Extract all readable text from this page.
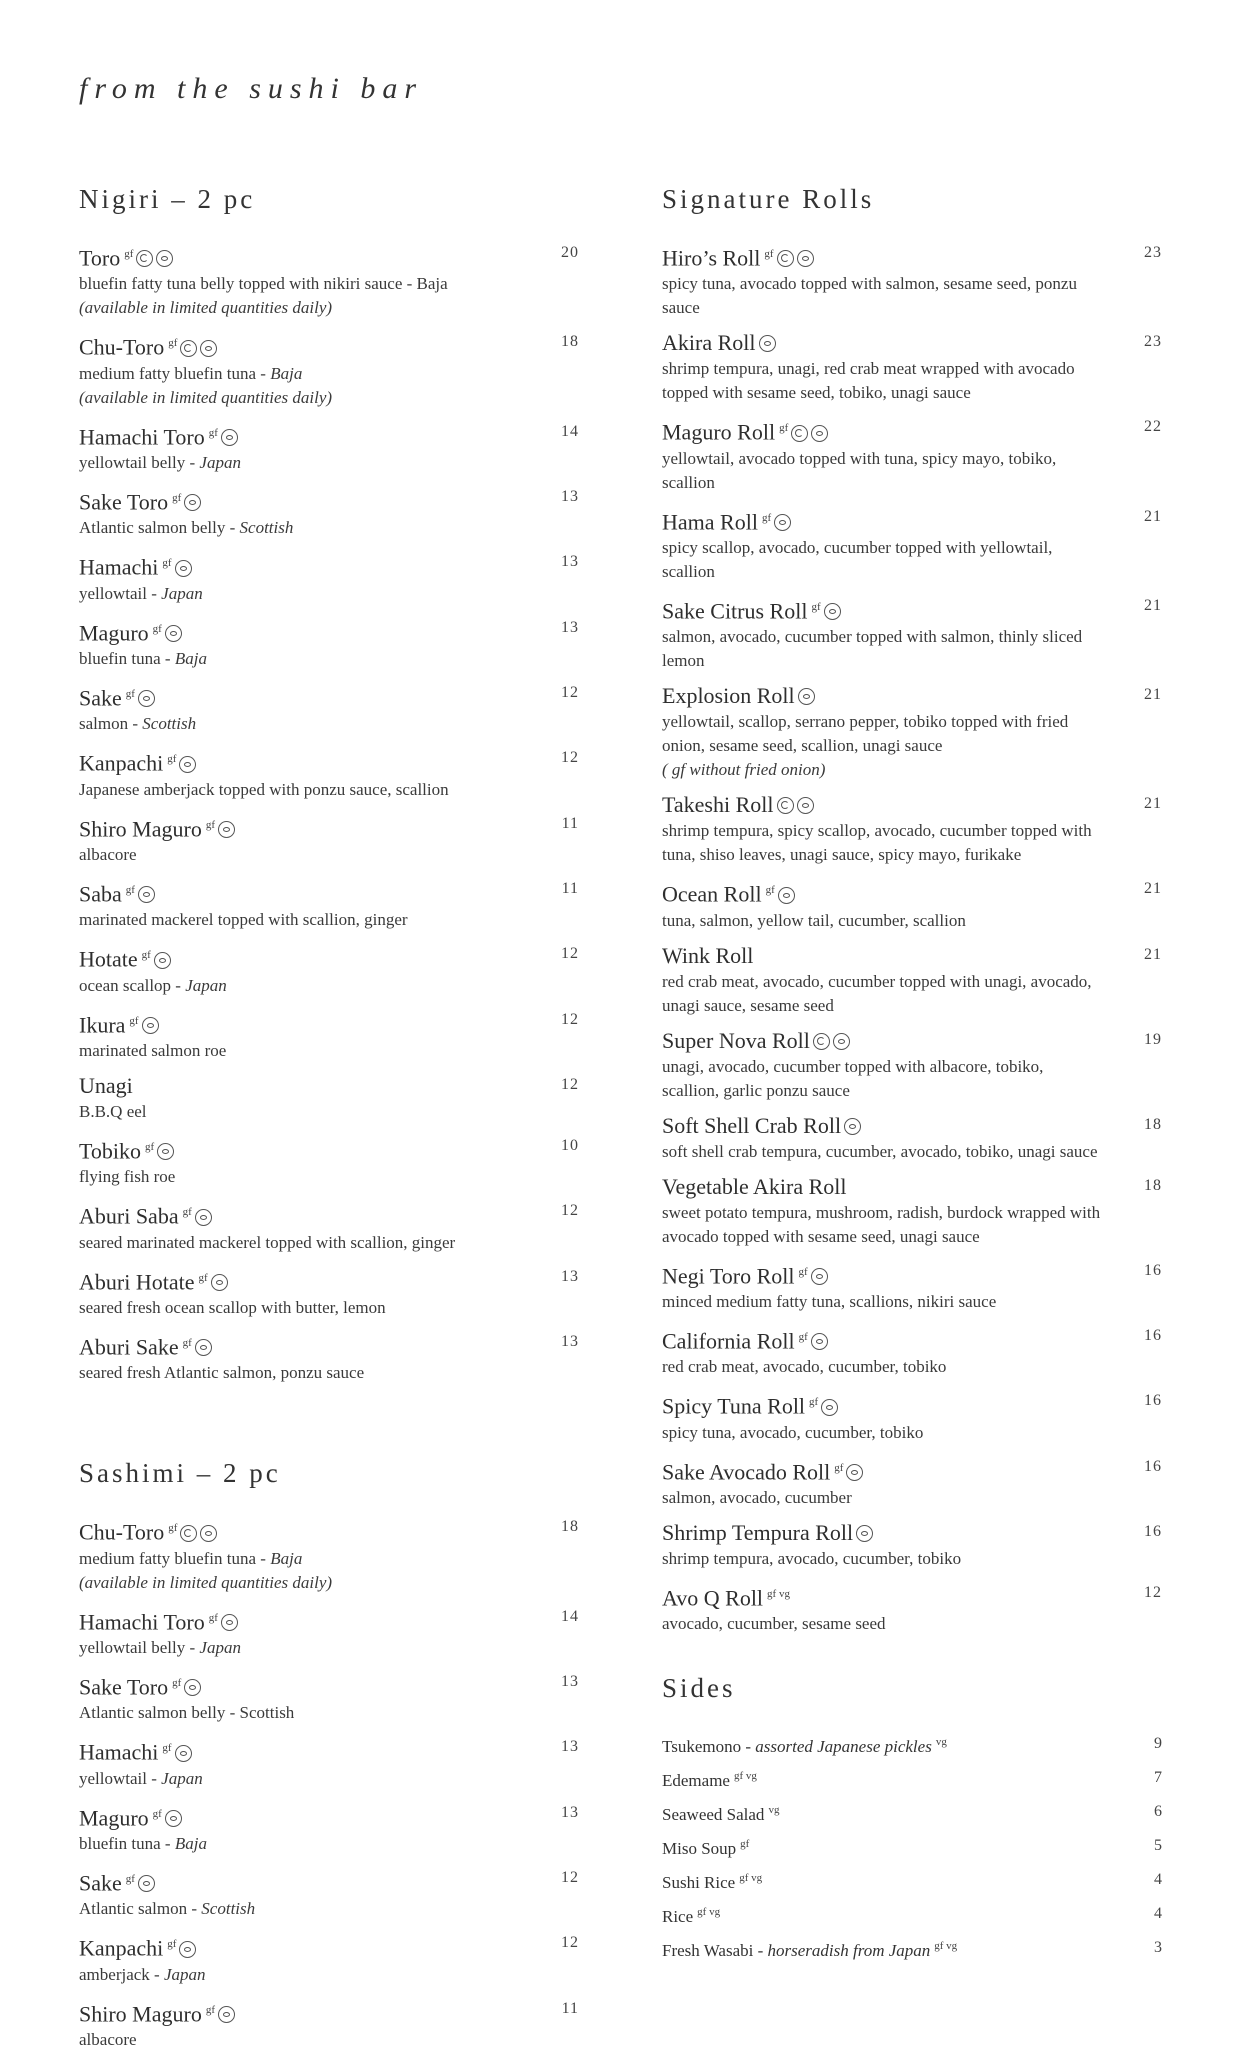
from the sushi bar
Nigiri – 2 pc
Toro $^{gf}$
bluefin fatty tuna belly topped with nikiri sauce - Baja
(available in limited quantities daily)
20
Chu-Toro $^{gf}$
medium fatty bluefin tuna - Baja
(available in limited quantities daily)
18
Hamachi Toro $^{gf}$
yellowtail belly - Japan
14
Sake Toro $^{gf}$
Atlantic salmon belly - Scottish
13
Hamachi $^{gf}$
yellowtail - Japan
13
Maguro $^{gf}$
bluefin tuna - Baja
13
Sake $^{gf}$
salmon - Scottish
12
Kanpachi $^{gf}$
Japanese amberjack topped with ponzu sauce, scallion
12
Shiro Maguro $^{gf}$
albacore
11
Saba $^{gf}$
marinated mackerel topped with scallion, ginger
11
Hotate $^{gf}$
ocean scallop - Japan
12
Ikura $^{gf}$
marinated salmon roe
12
Unagi
B.B.Q eel
12
Tobiko $^{gf}$
flying fish roe
10
Aburi Saba $^{gf}$
seared marinated mackerel topped with scallion, ginger
12
Aburi Hotate $^{gf}$
seared fresh ocean scallop with butter, lemon
13
Aburi Sake $^{gf}$
seared fresh Atlantic salmon, ponzu sauce
13
Sashimi – 2 pc
Chu-Toro $^{gf}$
medium fatty bluefin tuna - Baja
(available in limited quantities daily)
18
Hamachi Toro $^{gf}$
yellowtail belly - Japan
14
Sake Toro $^{gf}$
Atlantic salmon belly - Scottish
13
Hamachi $^{gf}$
yellowtail - Japan
13
Maguro $^{gf}$
bluefin tuna - Baja
13
Sake $^{gf}$
Atlantic salmon - Scottish
12
Kanpachi $^{gf}$
amberjack - Japan
12
Shiro Maguro $^{gf}$
albacore
11
Signature Rolls
Hiro’s Roll $^{gf}$
spicy tuna, avocado topped with salmon, sesame seed, ponzu sauce
23
Akira Roll
shrimp tempura, unagi, red crab meat wrapped with avocado topped with sesame seed, tobiko, unagi sauce
23
Maguro Roll $^{gf}$
yellowtail, avocado topped with tuna, spicy mayo, tobiko, scallion
22
Hama Roll $^{gf}$
spicy scallop, avocado, cucumber topped with yellowtail, scallion
21
Sake Citrus Roll $^{gf}$
salmon, avocado, cucumber topped with salmon, thinly sliced lemon
21
Explosion Roll
yellowtail, scallop, serrano pepper, tobiko topped with fried onion, sesame seed, scallion, unagi sauce
( gf without fried onion)
21
Takeshi Roll
shrimp tempura, spicy scallop, avocado, cucumber topped with tuna, shiso leaves, unagi sauce, spicy mayo, furikake
21
Ocean Roll $^{gf}$
tuna, salmon, yellow tail, cucumber, scallion
21
Wink Roll
red crab meat, avocado, cucumber topped with unagi, avocado, unagi sauce, sesame seed
21
Super Nova Roll
unagi, avocado, cucumber topped with albacore, tobiko, scallion, garlic ponzu sauce
19
Soft Shell Crab Roll
soft shell crab tempura, cucumber, avocado, tobiko, unagi sauce
18
Vegetable Akira Roll
sweet potato tempura, mushroom, radish, burdock wrapped with avocado topped with sesame seed, unagi sauce
18
Negi Toro Roll $^{gf}$
minced medium fatty tuna, scallions, nikiri sauce
16
California Roll $^{gf}$
red crab meat, avocado, cucumber, tobiko
16
Spicy Tuna Roll $^{gf}$
spicy tuna, avocado, cucumber, tobiko
16
Sake Avocado Roll $^{gf}$
salmon, avocado, cucumber
16
Shrimp Tempura Roll
shrimp tempura, avocado, cucumber, tobiko
16
Avo Q Roll $^{gf vg}$
avocado, cucumber, sesame seed
12
Sides
Tsukemono - assorted Japanese pickles $^{vg}$	9
Edemame $^{gf vg}$	7
Seaweed Salad $^{vg}$	6
Miso Soup $^{gf}$	5
Sushi Rice $^{gf vg}$	4
Rice $^{gf vg}$	4
Fresh Wasabi - horseradish from Japan $^{gf vg}$	3
